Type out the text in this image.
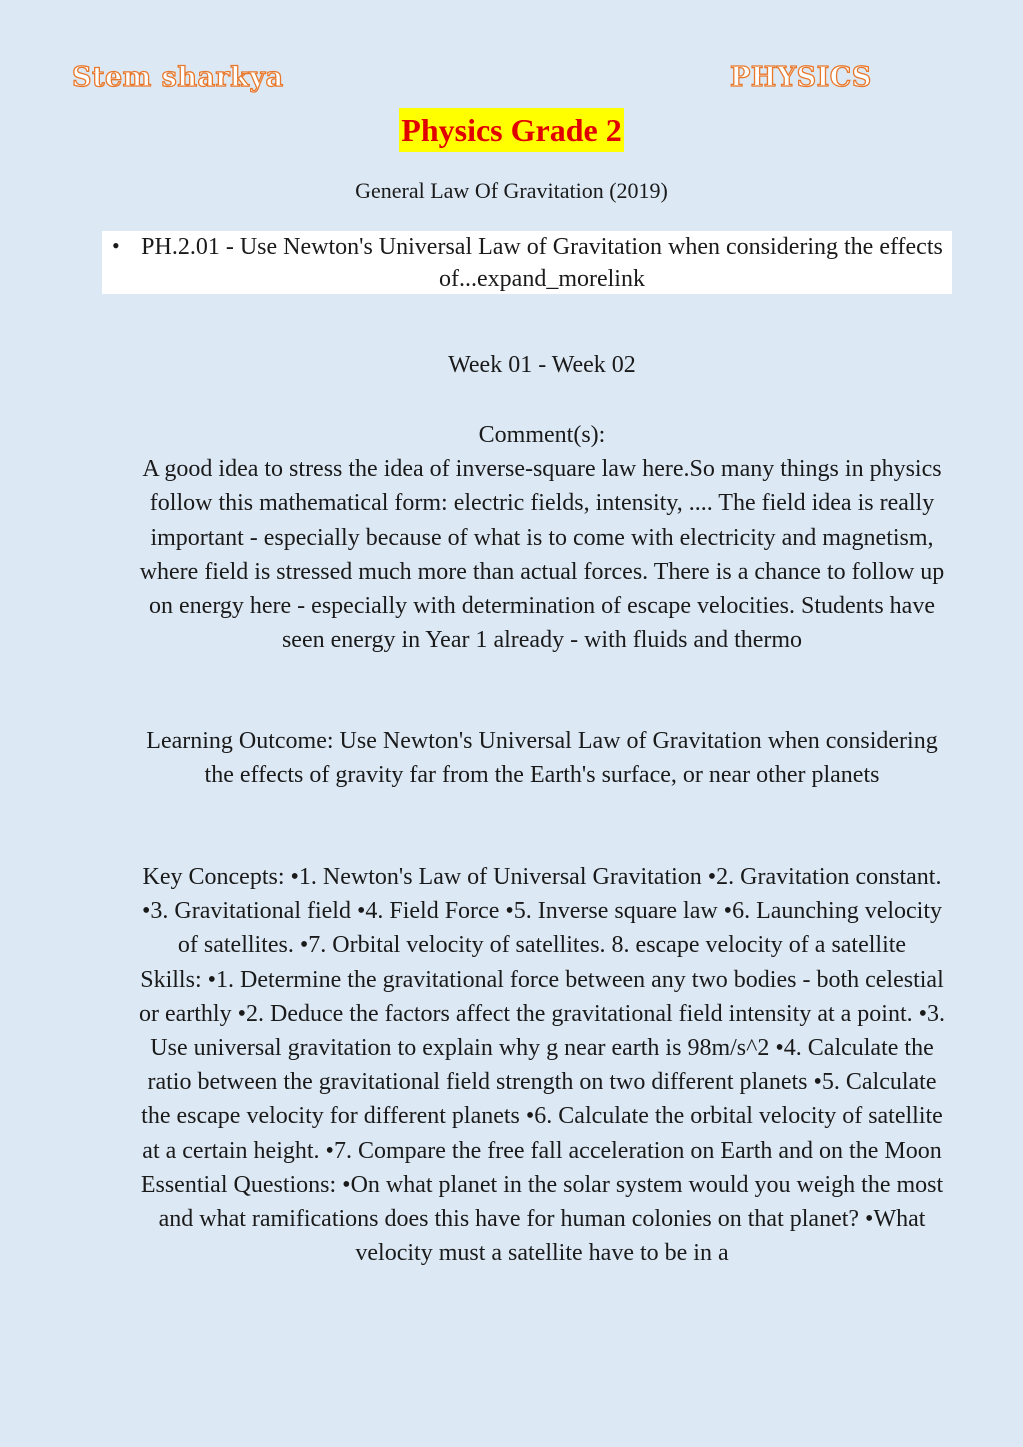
Stem sharkya	PHYSICS
Physics Grade 2
General Law Of Gravitation (2019)
• PH.2.01 - Use Newton's Universal Law of Gravitation when considering the effects of...expand_morelink
Week 01 - Week 02
Comment(s):
A good idea to stress the idea of inverse-square law here.So many things in physics follow this mathematical form: electric fields, intensity, .... The field idea is really important - especially because of what is to come with electricity and magnetism, where field is stressed much more than actual forces. There is a chance to follow up on energy here - especially with determination of escape velocities. Students have seen energy in Year 1 already - with fluids and thermo
Learning Outcome: Use Newton's Universal Law of Gravitation when considering the effects of gravity far from the Earth's surface, or near other planets
Key Concepts: •1. Newton's Law of Universal Gravitation •2. Gravitation constant. •3. Gravitational field •4. Field Force •5. Inverse square law •6. Launching velocity of satellites. •7. Orbital velocity of satellites. 8. escape velocity of a satellite
Skills: •1. Determine the gravitational force between any two bodies - both celestial or earthly •2. Deduce the factors affect the gravitational field intensity at a point. •3. Use universal gravitation to explain why g near earth is 98m/s^2 •4. Calculate the ratio between the gravitational field strength on two different planets •5. Calculate the escape velocity for different planets •6. Calculate the orbital velocity of satellite at a certain height. •7. Compare the free fall acceleration on Earth and on the Moon
Essential Questions: •On what planet in the solar system would you weigh the most and what ramifications does this have for human colonies on that planet? •What velocity must a satellite have to be in a
